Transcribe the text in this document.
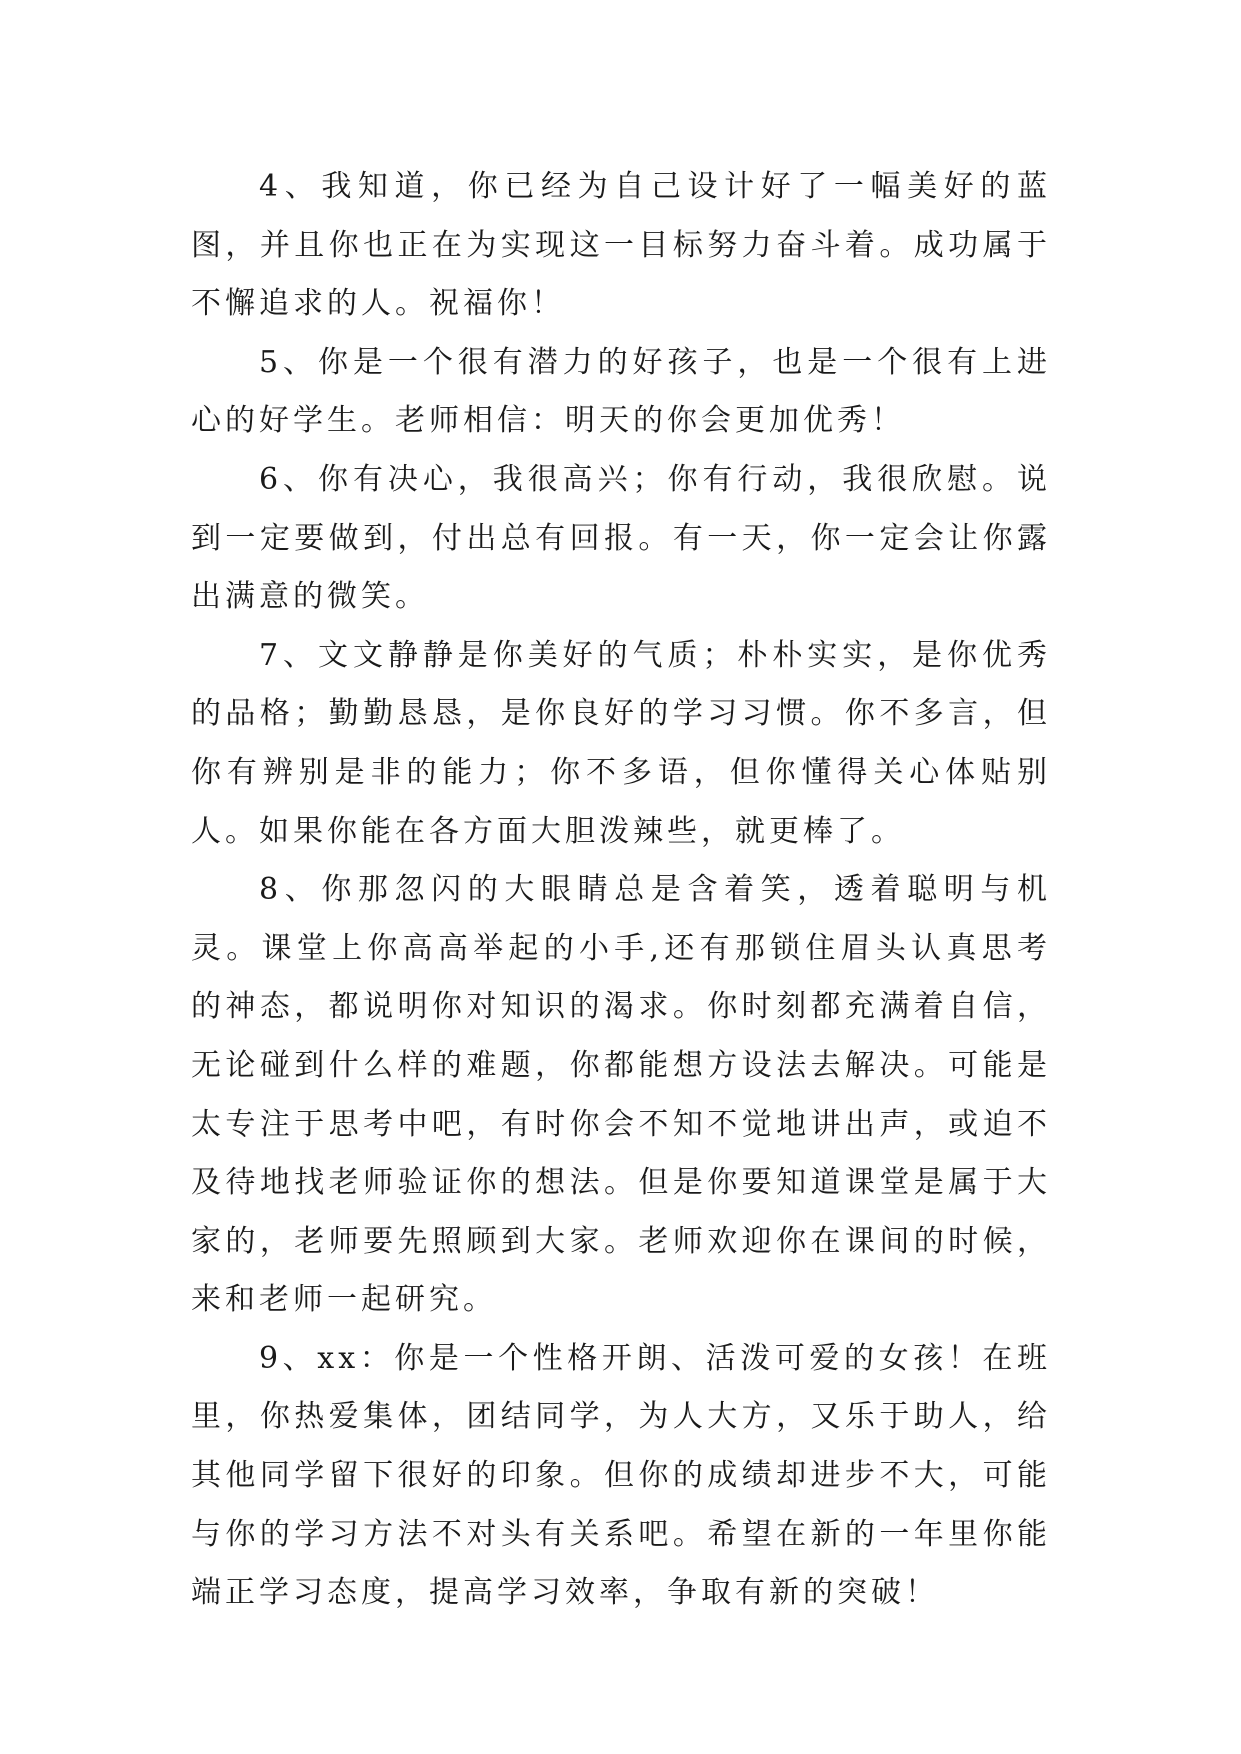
4、我知道，你已经为自己设计好了一幅美好的蓝图，并且你也正在为实现这一目标努力奋斗着。成功属于不懈追求的人。祝福你！

5、你是一个很有潜力的好孩子，也是一个很有上进心的好学生。老师相信：明天的你会更加优秀！

6、你有决心，我很高兴；你有行动，我很欣慰。说到一定要做到，付出总有回报。有一天，你一定会让你露出满意的微笑。

7、文文静静是你美好的气质；朴朴实实，是你优秀的品格；勤勤恳恳，是你良好的学习习惯。你不多言，但你有辨别是非的能力；你不多语，但你懂得关心体贴别人。如果你能在各方面大胆泼辣些，就更棒了。

8、你那忽闪的大眼睛总是含着笑，透着聪明与机灵。课堂上你高高举起的小手,还有那锁住眉头认真思考的神态，都说明你对知识的渴求。你时刻都充满着自信，无论碰到什么样的难题，你都能想方设法去解决。可能是太专注于思考中吧，有时你会不知不觉地讲出声，或迫不及待地找老师验证你的想法。但是你要知道课堂是属于大家的，老师要先照顾到大家。老师欢迎你在课间的时候，来和老师一起研究。

9、xx：你是一个性格开朗、活泼可爱的女孩！在班里，你热爱集体，团结同学，为人大方，又乐于助人，给其他同学留下很好的印象。但你的成绩却进步不大，可能与你的学习方法不对头有关系吧。希望在新的一年里你能端正学习态度，提高学习效率，争取有新的突破！
